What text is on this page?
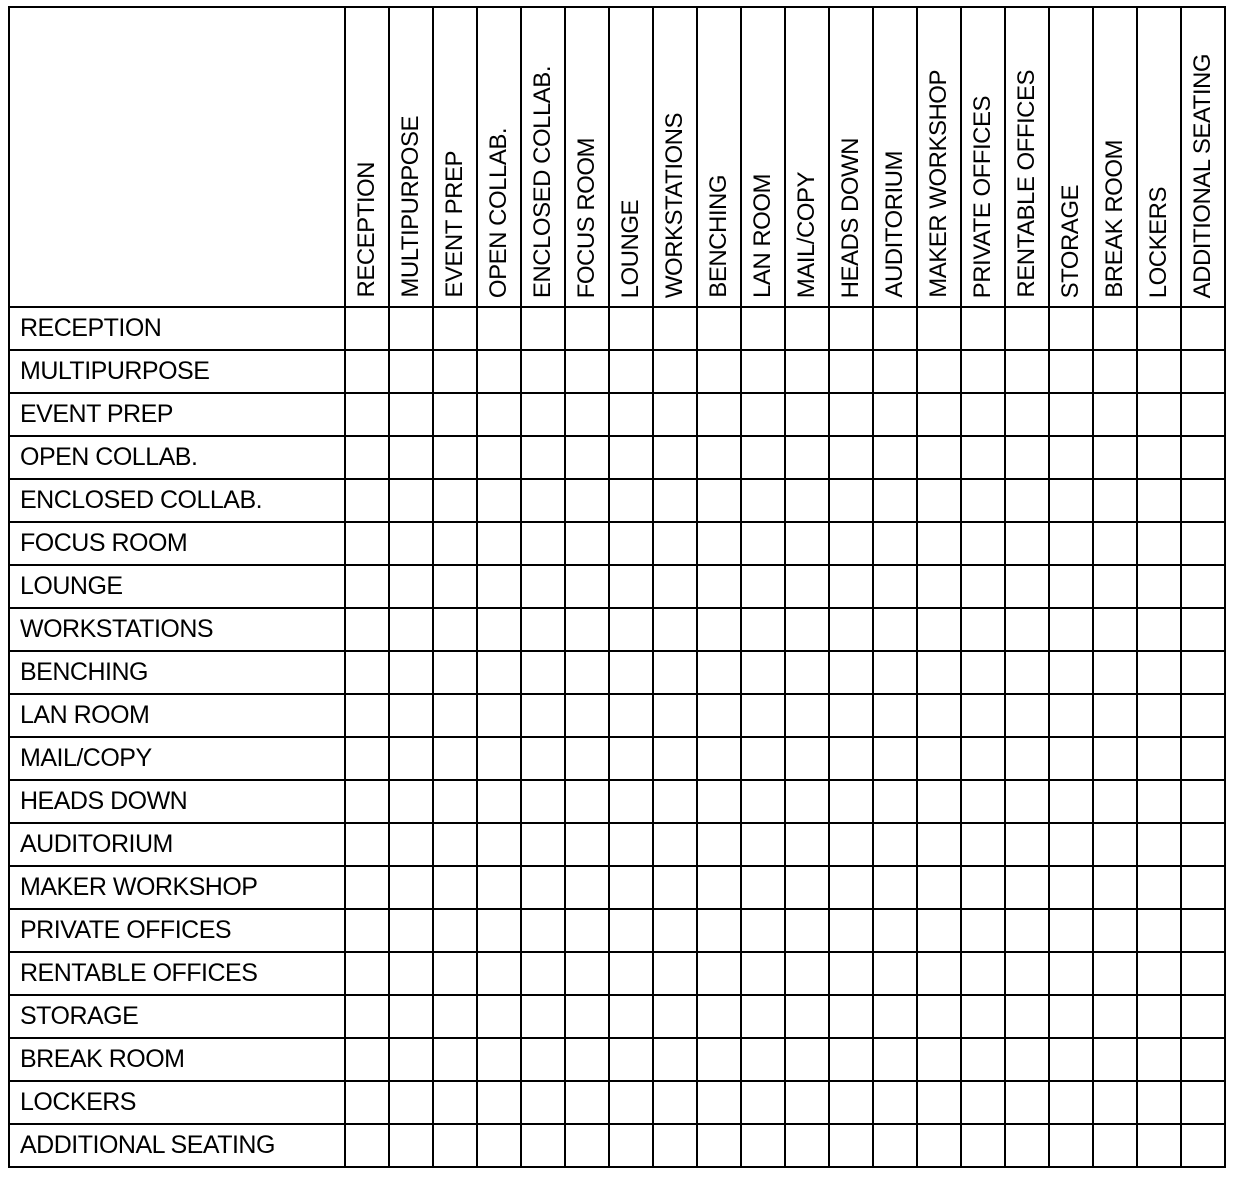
	RECEPTION	MULTIPURPOSE	EVENT PREP	OPEN COLLAB.	ENCLOSED COLLAB.	FOCUS ROOM	LOUNGE	WORKSTATIONS	BENCHING	LAN ROOM	MAIL/COPY	HEADS DOWN	AUDITORIUM	MAKER WORKSHOP	PRIVATE OFFICES	RENTABLE OFFICES	STORAGE	BREAK ROOM	LOCKERS	ADDITIONAL SEATING

RECEPTION																				
MULTIPURPOSE																				
EVENT PREP																				
OPEN COLLAB.																				
ENCLOSED COLLAB.																				
FOCUS ROOM																				
LOUNGE																				
WORKSTATIONS																				
BENCHING																				
LAN ROOM																				
MAIL/COPY																				
HEADS DOWN																				
AUDITORIUM																				
MAKER WORKSHOP																				
PRIVATE OFFICES																				
RENTABLE OFFICES																				
STORAGE																				
BREAK ROOM																				
LOCKERS																				
ADDITIONAL SEATING																				
